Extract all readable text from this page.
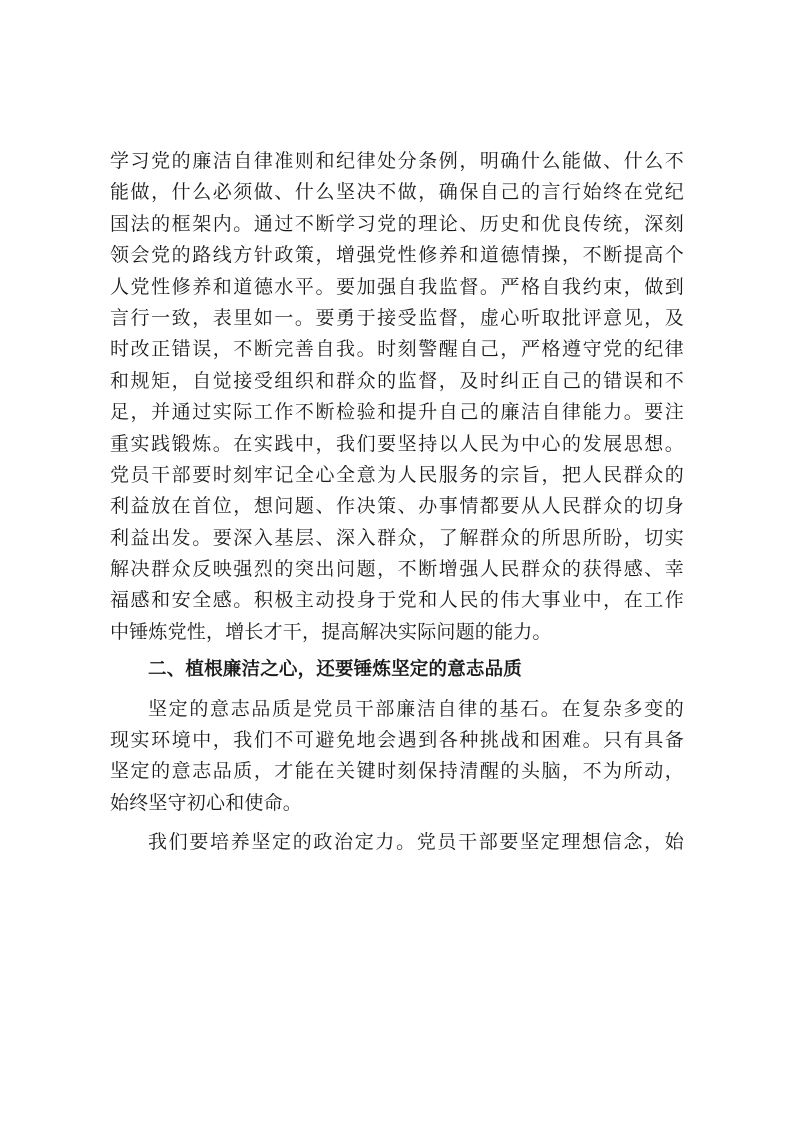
学习党的廉洁自律准则和纪律处分条例，明确什么能做、什么不
能做，什么必须做、什么坚决不做，确保自己的言行始终在党纪
国法的框架内。通过不断学习党的理论、历史和优良传统，深刻
领会党的路线方针政策，增强党性修养和道德情操，不断提高个
人党性修养和道德水平。要加强自我监督。严格自我约束，做到
言行一致，表里如一。要勇于接受监督，虚心听取批评意见，及
时改正错误，不断完善自我。时刻警醒自己，严格遵守党的纪律
和规矩，自觉接受组织和群众的监督，及时纠正自己的错误和不
足，并通过实际工作不断检验和提升自己的廉洁自律能力。要注
重实践锻炼。在实践中，我们要坚持以人民为中心的发展思想。
党员干部要时刻牢记全心全意为人民服务的宗旨，把人民群众的
利益放在首位，想问题、作决策、办事情都要从人民群众的切身
利益出发。要深入基层、深入群众，了解群众的所思所盼，切实
解决群众反映强烈的突出问题，不断增强人民群众的获得感、幸
福感和安全感。积极主动投身于党和人民的伟大事业中，在工作
中锤炼党性，增长才干，提高解决实际问题的能力。
二、植根廉洁之心，还要锤炼坚定的意志品质
坚定的意志品质是党员干部廉洁自律的基石。在复杂多变的
现实环境中，我们不可避免地会遇到各种挑战和困难。只有具备
坚定的意志品质，才能在关键时刻保持清醒的头脑，不为所动，
始终坚守初心和使命。
我们要培养坚定的政治定力。党员干部要坚定理想信念，始
